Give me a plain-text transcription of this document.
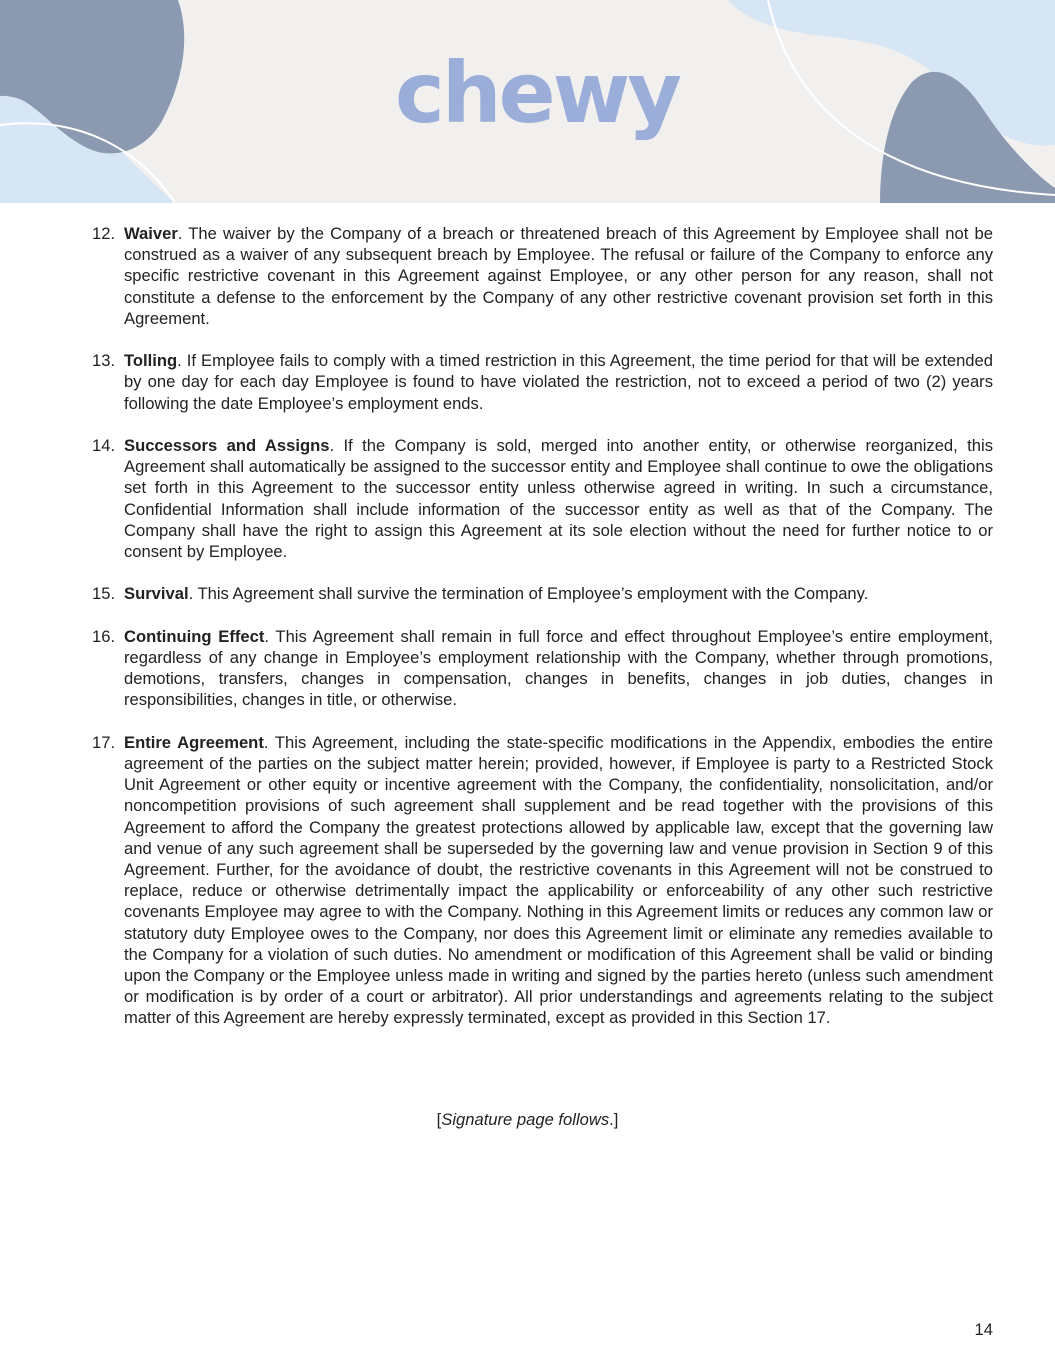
chewy
12. Waiver. The waiver by the Company of a breach or threatened breach of this Agreement by Employee shall not be construed as a waiver of any subsequent breach by Employee. The refusal or failure of the Company to enforce any specific restrictive covenant in this Agreement against Employee, or any other person for any reason, shall not constitute a defense to the enforcement by the Company of any other restrictive covenant provision set forth in this Agreement.
13. Tolling. If Employee fails to comply with a timed restriction in this Agreement, the time period for that will be extended by one day for each day Employee is found to have violated the restriction, not to exceed a period of two (2) years following the date Employee’s employment ends.
14. Successors and Assigns. If the Company is sold, merged into another entity, or otherwise reorganized, this Agreement shall automatically be assigned to the successor entity and Employee shall continue to owe the obligations set forth in this Agreement to the successor entity unless otherwise agreed in writing. In such a circumstance, Confidential Information shall include information of the successor entity as well as that of the Company. The Company shall have the right to assign this Agreement at its sole election without the need for further notice to or consent by Employee.
15. Survival. This Agreement shall survive the termination of Employee’s employment with the Company.
16. Continuing Effect. This Agreement shall remain in full force and effect throughout Employee’s entire employment, regardless of any change in Employee’s employment relationship with the Company, whether through promotions, demotions, transfers, changes in compensation, changes in benefits, changes in job duties, changes in responsibilities, changes in title, or otherwise.
17. Entire Agreement. This Agreement, including the state-specific modifications in the Appendix, embodies the entire agreement of the parties on the subject matter herein; provided, however, if Employee is party to a Restricted Stock Unit Agreement or other equity or incentive agreement with the Company, the confidentiality, nonsolicitation, and/or noncompetition provisions of such agreement shall supplement and be read together with the provisions of this Agreement to afford the Company the greatest protections allowed by applicable law, except that the governing law and venue of any such agreement shall be superseded by the governing law and venue provision in Section 9 of this Agreement. Further, for the avoidance of doubt, the restrictive covenants in this Agreement will not be construed to replace, reduce or otherwise detrimentally impact the applicability or enforceability of any other such restrictive covenants Employee may agree to with the Company. Nothing in this Agreement limits or reduces any common law or statutory duty Employee owes to the Company, nor does this Agreement limit or eliminate any remedies available to the Company for a violation of such duties. No amendment or modification of this Agreement shall be valid or binding upon the Company or the Employee unless made in writing and signed by the parties hereto (unless such amendment or modification is by order of a court or arbitrator). All prior understandings and agreements relating to the subject matter of this Agreement are hereby expressly terminated, except as provided in this Section 17.
[Signature page follows.]
14
